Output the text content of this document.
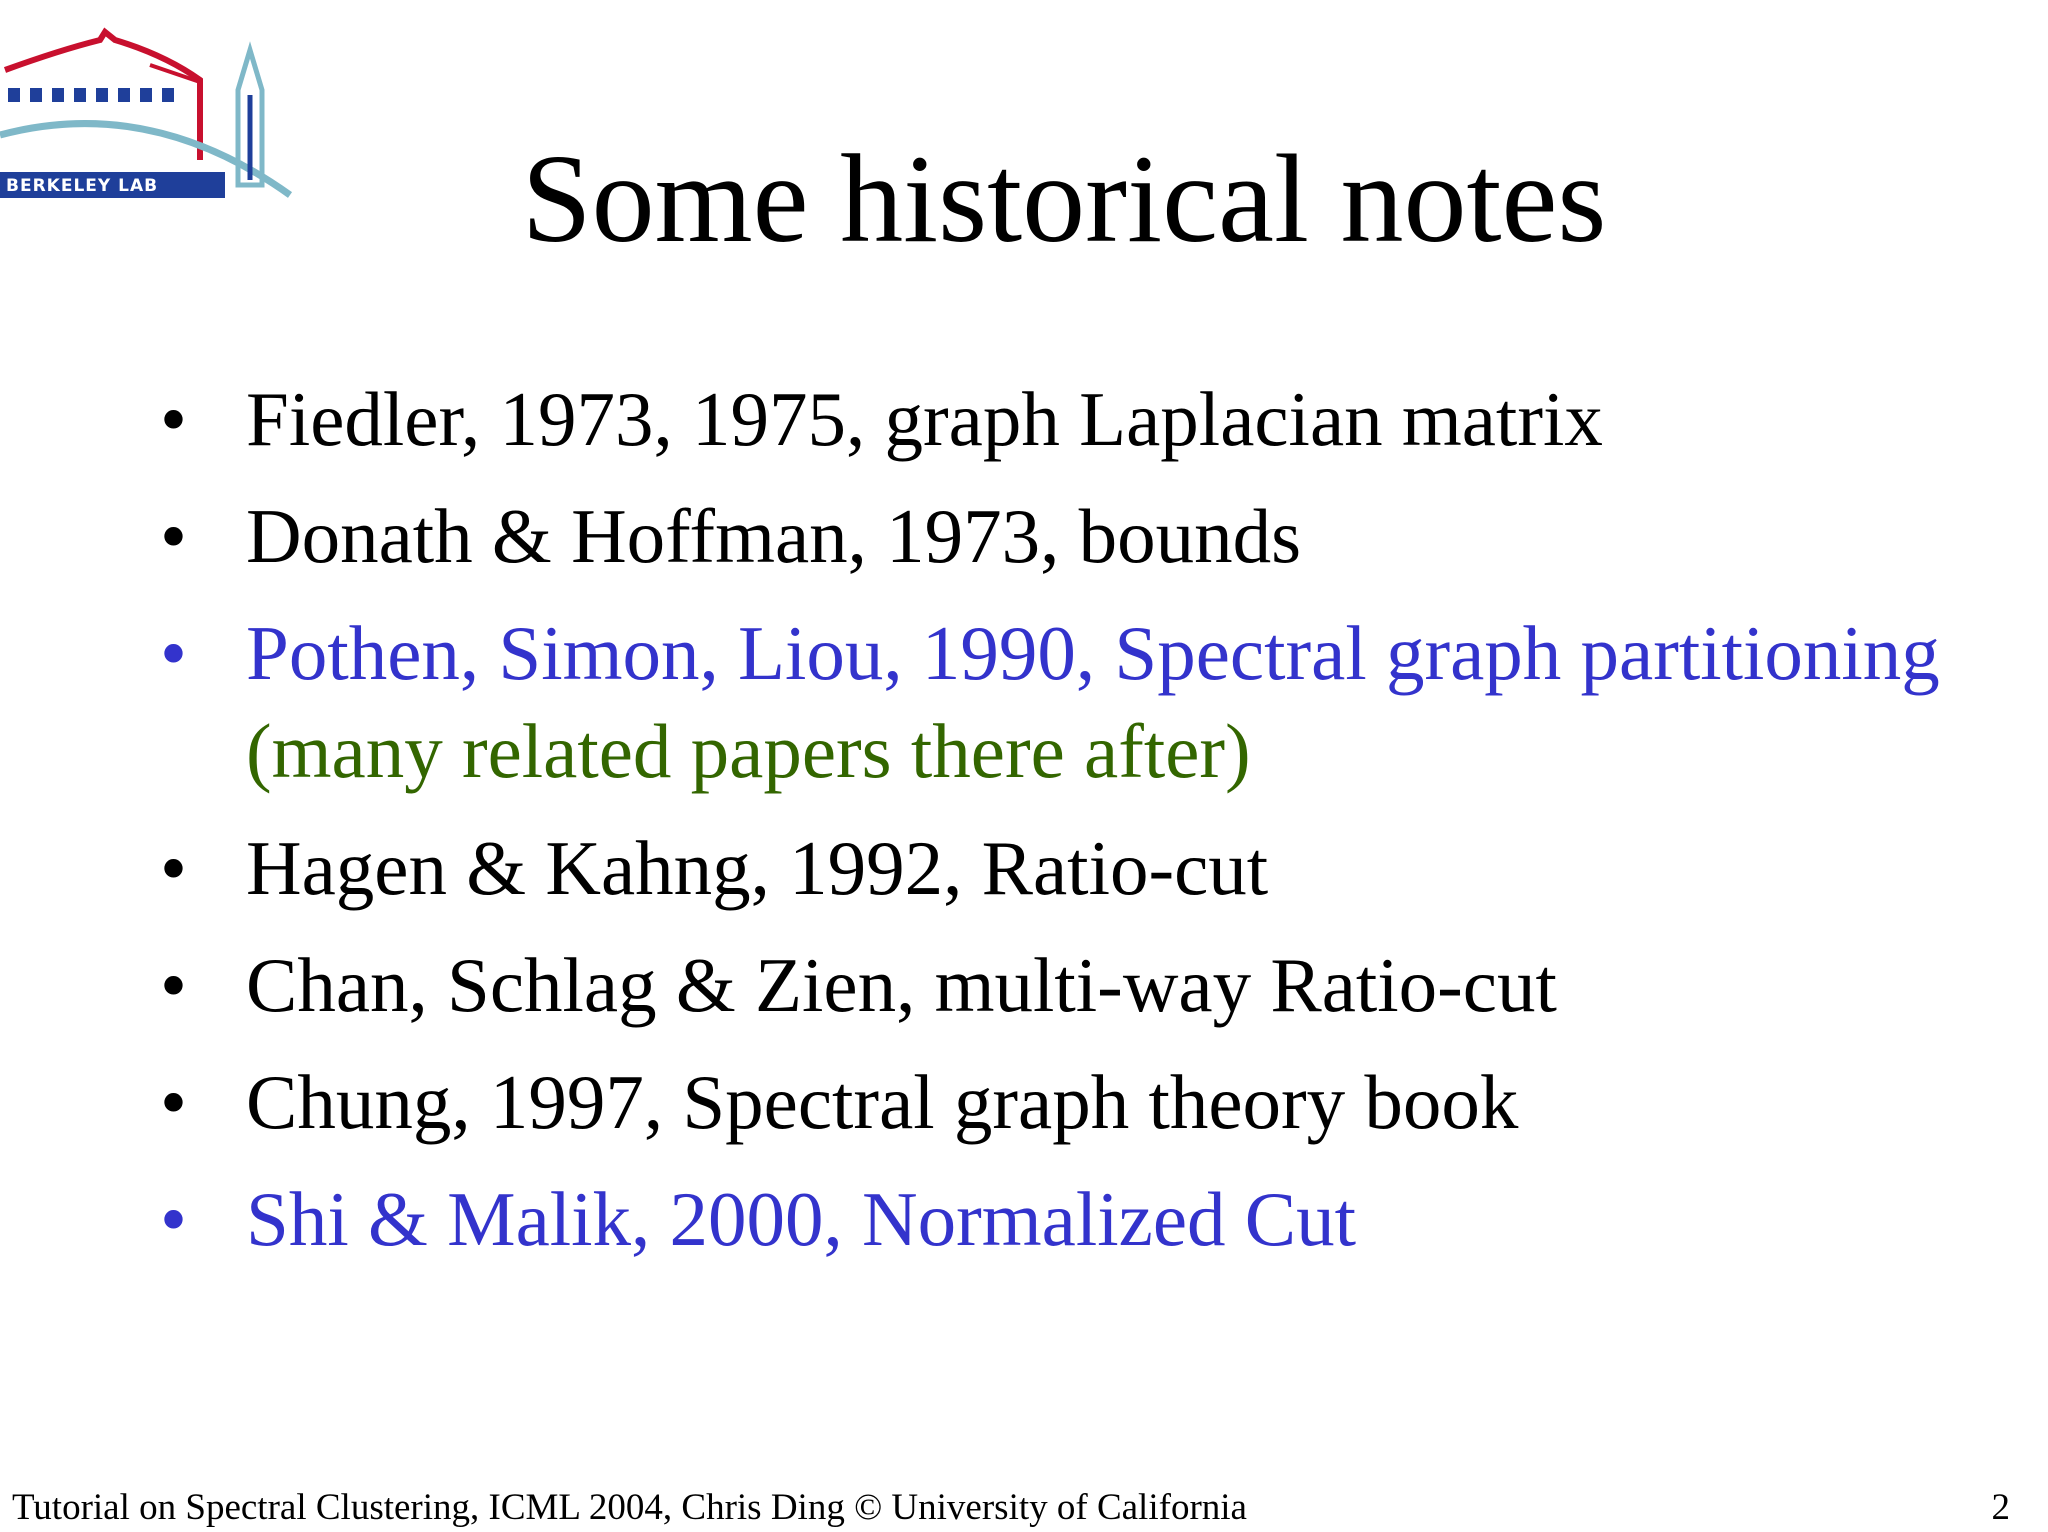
BERKELEY LAB	Some historical notes
• Fiedler, 1973, 1975, graph Laplacian matrix
• Donath & Hoffman, 1973, bounds
• Pothen, Simon, Liou, 1990, Spectral graph partitioning (many related papers there after)
• Hagen & Kahng, 1992, Ratio-cut
• Chan, Schlag & Zien, multi-way Ratio-cut
• Chung, 1997, Spectral graph theory book
• Shi & Malik, 2000, Normalized Cut
Tutorial on Spectral Clustering, ICML 2004, Chris Ding © University of California	2
